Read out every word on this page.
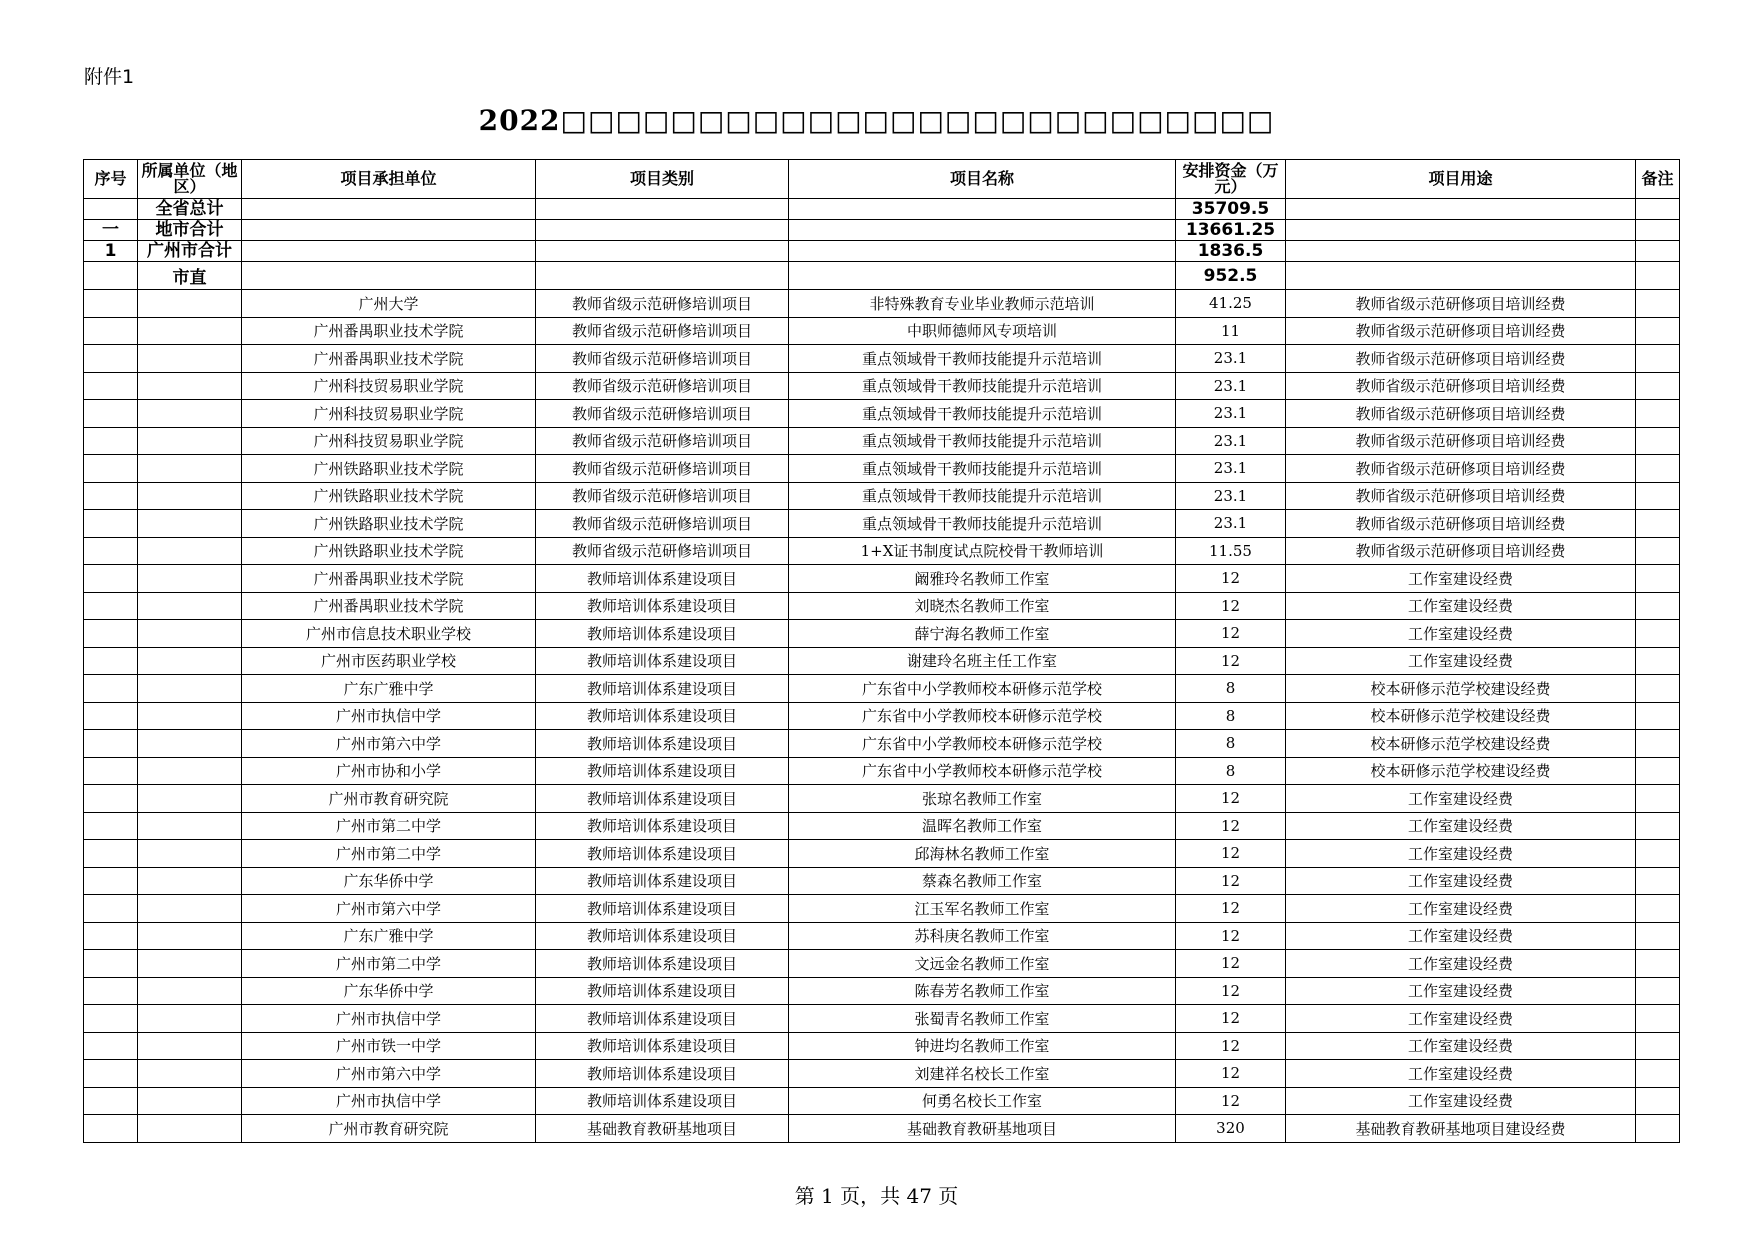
附件1
2022□□□□□□□□□□□□□□□□□□□□□□□□□□
序号	所属单位（地区）	项目承担单位	项目类别	项目名称	安排资金（万元）	项目用途	备注
	全省总计				35709.5		
一	地市合计				13661.25		
1	广州市合计				1836.5		
	市直				952.5		
		广州大学	教师省级示范研修培训项目	非特殊教育专业毕业教师示范培训	41.25	教师省级示范研修项目培训经费	
		广州番禺职业技术学院	教师省级示范研修培训项目	中职师德师风专项培训	11	教师省级示范研修项目培训经费	
		广州番禺职业技术学院	教师省级示范研修培训项目	重点领域骨干教师技能提升示范培训	23.1	教师省级示范研修项目培训经费	
		广州科技贸易职业学院	教师省级示范研修培训项目	重点领域骨干教师技能提升示范培训	23.1	教师省级示范研修项目培训经费	
		广州科技贸易职业学院	教师省级示范研修培训项目	重点领域骨干教师技能提升示范培训	23.1	教师省级示范研修项目培训经费	
		广州科技贸易职业学院	教师省级示范研修培训项目	重点领域骨干教师技能提升示范培训	23.1	教师省级示范研修项目培训经费	
		广州铁路职业技术学院	教师省级示范研修培训项目	重点领域骨干教师技能提升示范培训	23.1	教师省级示范研修项目培训经费	
		广州铁路职业技术学院	教师省级示范研修培训项目	重点领域骨干教师技能提升示范培训	23.1	教师省级示范研修项目培训经费	
		广州铁路职业技术学院	教师省级示范研修培训项目	重点领域骨干教师技能提升示范培训	23.1	教师省级示范研修项目培训经费	
		广州铁路职业技术学院	教师省级示范研修培训项目	1+X证书制度试点院校骨干教师培训	11.55	教师省级示范研修项目培训经费	
		广州番禺职业技术学院	教师培训体系建设项目	阚雅玲名教师工作室	12	工作室建设经费	
		广州番禺职业技术学院	教师培训体系建设项目	刘晓杰名教师工作室	12	工作室建设经费	
		广州市信息技术职业学校	教师培训体系建设项目	薛宁海名教师工作室	12	工作室建设经费	
		广州市医药职业学校	教师培训体系建设项目	谢建玲名班主任工作室	12	工作室建设经费	
		广东广雅中学	教师培训体系建设项目	广东省中小学教师校本研修示范学校	8	校本研修示范学校建设经费	
		广州市执信中学	教师培训体系建设项目	广东省中小学教师校本研修示范学校	8	校本研修示范学校建设经费	
		广州市第六中学	教师培训体系建设项目	广东省中小学教师校本研修示范学校	8	校本研修示范学校建设经费	
		广州市协和小学	教师培训体系建设项目	广东省中小学教师校本研修示范学校	8	校本研修示范学校建设经费	
		广州市教育研究院	教师培训体系建设项目	张琼名教师工作室	12	工作室建设经费	
		广州市第二中学	教师培训体系建设项目	温晖名教师工作室	12	工作室建设经费	
		广州市第二中学	教师培训体系建设项目	邱海林名教师工作室	12	工作室建设经费	
		广东华侨中学	教师培训体系建设项目	蔡森名教师工作室	12	工作室建设经费	
		广州市第六中学	教师培训体系建设项目	江玉军名教师工作室	12	工作室建设经费	
		广东广雅中学	教师培训体系建设项目	苏科庚名教师工作室	12	工作室建设经费	
		广州市第二中学	教师培训体系建设项目	文远金名教师工作室	12	工作室建设经费	
		广东华侨中学	教师培训体系建设项目	陈春芳名教师工作室	12	工作室建设经费	
		广州市执信中学	教师培训体系建设项目	张蜀青名教师工作室	12	工作室建设经费	
		广州市铁一中学	教师培训体系建设项目	钟进均名教师工作室	12	工作室建设经费	
		广州市第六中学	教师培训体系建设项目	刘建祥名校长工作室	12	工作室建设经费	
		广州市执信中学	教师培训体系建设项目	何勇名校长工作室	12	工作室建设经费	
		广州市教育研究院	基础教育教研基地项目	基础教育教研基地项目	320	基础教育教研基地项目建设经费	
第 1 页，共 47 页
